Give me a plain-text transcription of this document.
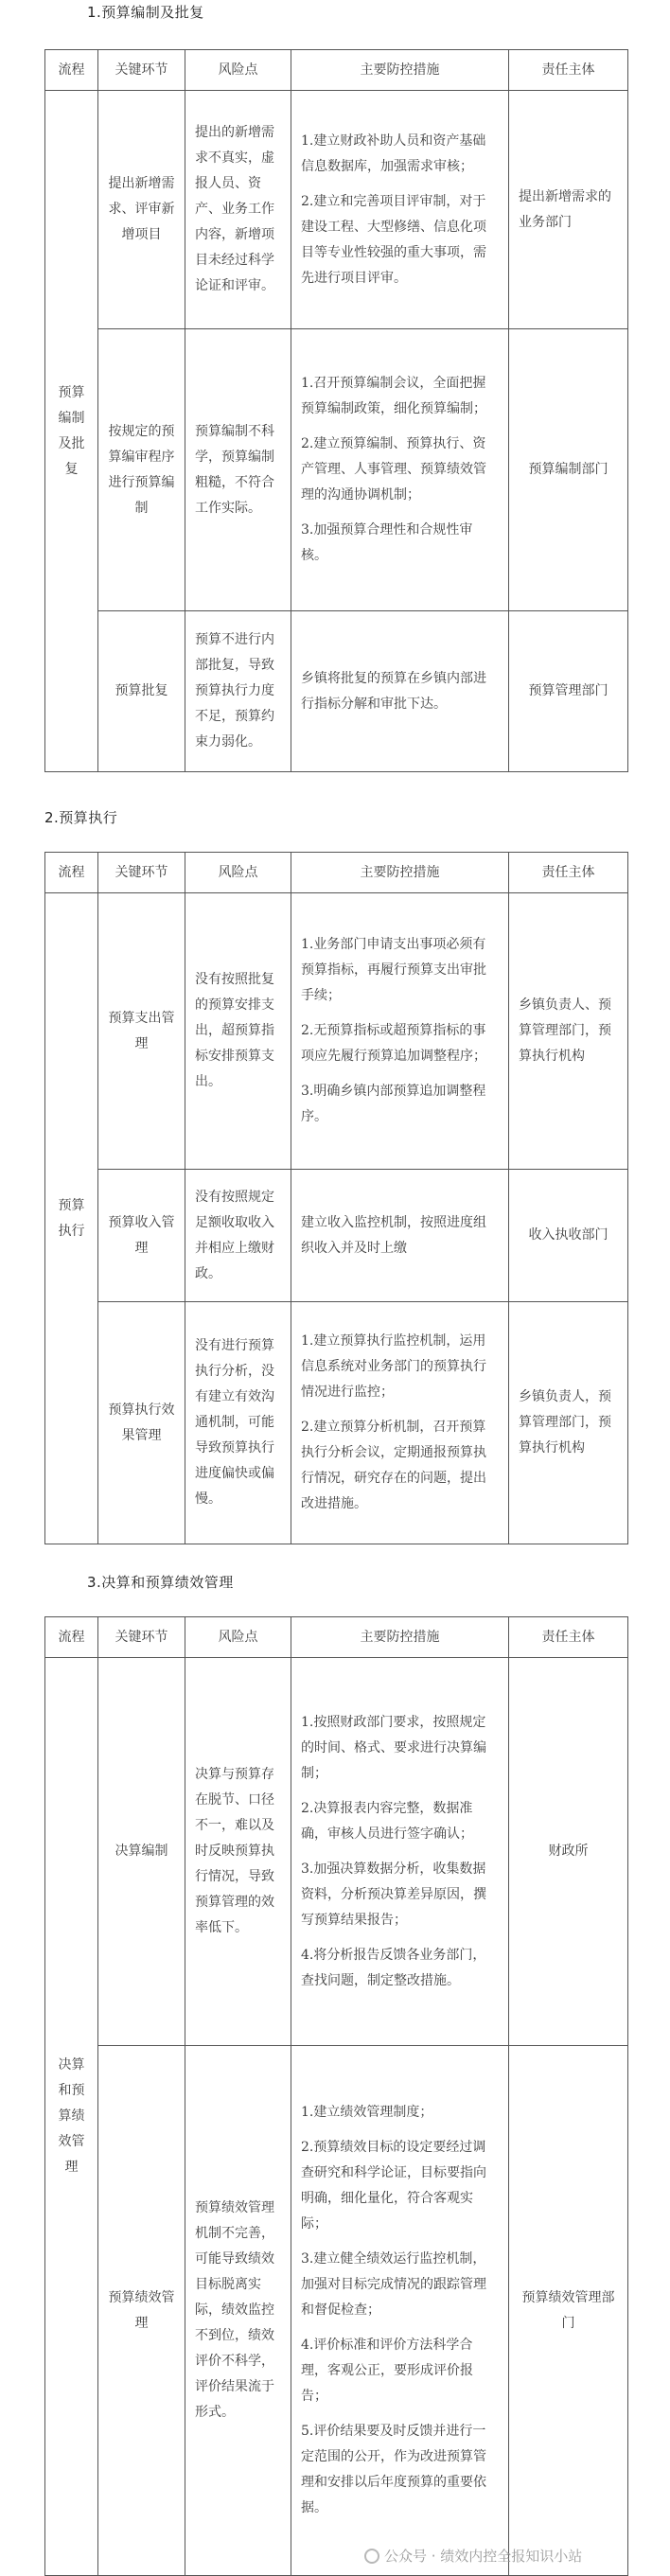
1.预算编制及批复
流程	关键环节	风险点	主要防控措施	责任主体
预算编制及批复	提出新增需求、评审新增项目	提出的新增需求不真实，虚报人员、资产、业务工作内容，新增项目未经过科学论证和评审。	1.建立财政补助人员和资产基础信息数据库，加强需求审核；

2.建立和完善项目评审制，对于建设工程、大型修缮、信息化项目等专业性较强的重大事项，需先进行项目评审。	提出新增需求的业务部门
	按规定的预算编审程序进行预算编制	预算编制不科学，预算编制粗糙，不符合工作实际。	1.召开预算编制会议，全面把握预算编制政策，细化预算编制；

2.建立预算编制、预算执行、资产管理、人事管理、预算绩效管理的沟通协调机制；

3.加强预算合理性和合规性审核。	预算编制部门
	预算批复	预算不进行内部批复，导致预算执行力度不足，预算约束力弱化。	乡镇将批复的预算在乡镇内部进行指标分解和审批下达。	预算管理部门
2.预算执行
流程	关键环节	风险点	主要防控措施	责任主体
预算执行	预算支出管理	没有按照批复的预算安排支出，超预算指标安排预算支出。	1.业务部门申请支出事项必须有预算指标，再履行预算支出审批手续；

2.无预算指标或超预算指标的事项应先履行预算追加调整程序；

3.明确乡镇内部预算追加调整程序。	乡镇负责人、预算管理部门，预算执行机构
	预算收入管理	没有按照规定足额收取收入并相应上缴财政。	建立收入监控机制，按照进度组织收入并及时上缴	收入执收部门
	预算执行效果管理	没有进行预算执行分析，没有建立有效沟通机制，可能导致预算执行进度偏快或偏慢。	1.建立预算执行监控机制，运用信息系统对业务部门的预算执行情况进行监控；

2.建立预算分析机制，召开预算执行分析会议，定期通报预算执行情况，研究存在的问题，提出改进措施。	乡镇负责人，预算管理部门，预算执行机构
3.决算和预算绩效管理
流程	关键环节	风险点	主要防控措施	责任主体
决算和预算绩效管理	决算编制	决算与预算存在脱节、口径不一，难以及时反映预算执行情况，导致预算管理的效率低下。	1.按照财政部门要求，按照规定的时间、格式、要求进行决算编制；

2.决算报表内容完整，数据准确，审核人员进行签字确认；

3.加强决算数据分析，收集数据资料，分析预决算差异原因，撰写预算结果报告；

4.将分析报告反馈各业务部门，查找问题，制定整改措施。	财政所
	预算绩效管理	预算绩效管理机制不完善，可能导致绩效目标脱离实际，绩效监控不到位，绩效评价不科学，评价结果流于形式。	1.建立绩效管理制度；

2.预算绩效目标的设定要经过调查研究和科学论证，目标要指向明确，细化量化，符合客观实际；

3.建立健全绩效运行监控机制，加强对目标完成情况的跟踪管理和督促检查；

4.评价标准和评价方法科学合理，客观公正，要形成评价报告；

5.评价结果要及时反馈并进行一定范围的公开，作为改进预算管理和安排以后年度预算的重要依据。	预算绩效管理部门
公众号 · 绩效内控全报知识小站
